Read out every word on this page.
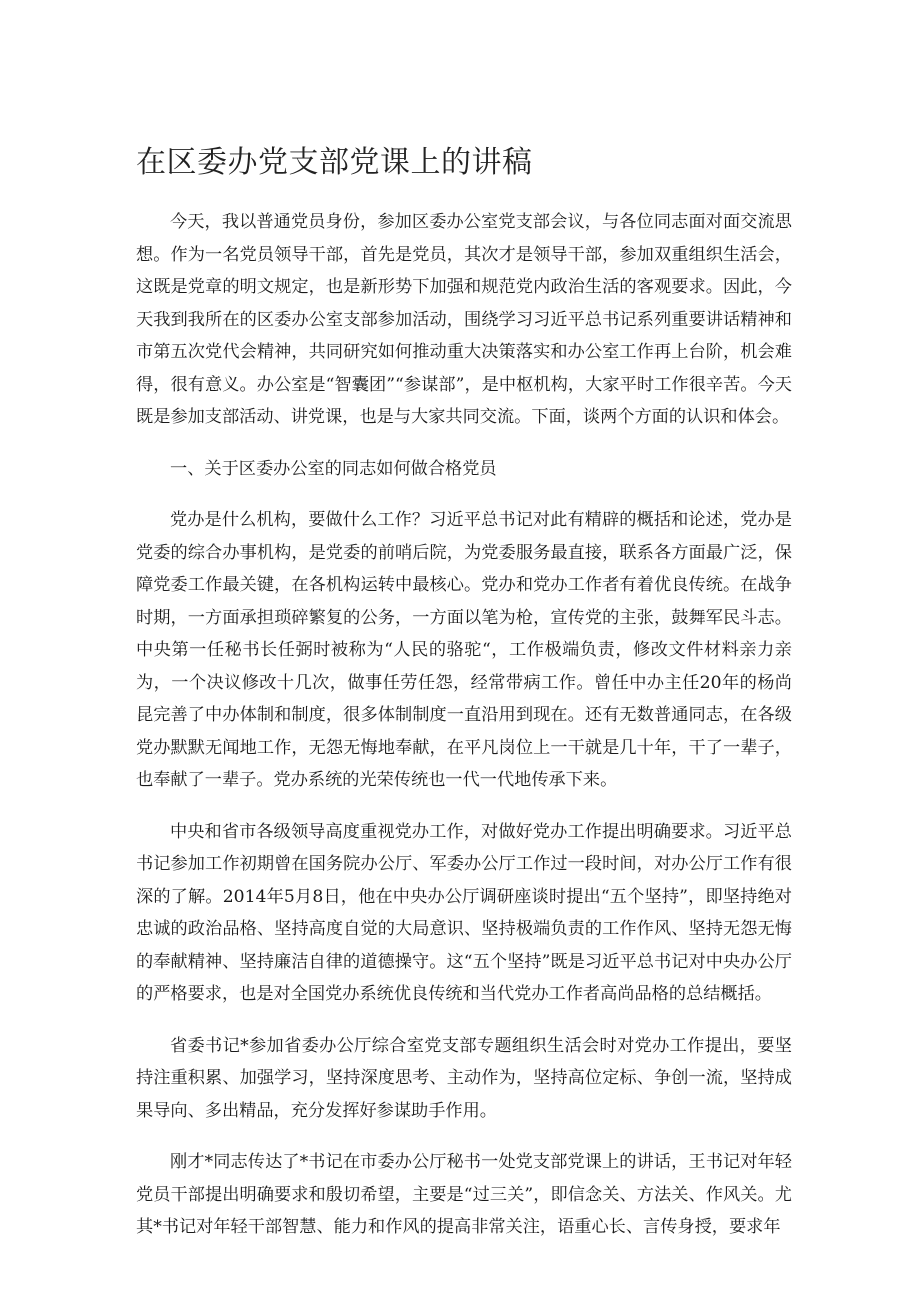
在区委办党支部党课上的讲稿

今天，我以普通党员身份，参加区委办公室党支部会议，与各位同志面对面交流思想。作为一名党员领导干部，首先是党员，其次才是领导干部，参加双重组织生活会，这既是党章的明文规定，也是新形势下加强和规范党内政治生活的客观要求。因此，今天我到我所在的区委办公室支部参加活动，围绕学习习近平总书记系列重要讲话精神和市第五次党代会精神，共同研究如何推动重大决策落实和办公室工作再上台阶，机会难得，很有意义。办公室是“智囊团”“参谋部”，是中枢机构，大家平时工作很辛苦。今天既是参加支部活动、讲党课，也是与大家共同交流。下面，谈两个方面的认识和体会。

一、关于区委办公室的同志如何做合格党员

党办是什么机构，要做什么工作？习近平总书记对此有精辟的概括和论述，党办是党委的综合办事机构，是党委的前哨后院，为党委服务最直接，联系各方面最广泛，保障党委工作最关键，在各机构运转中最核心。党办和党办工作者有着优良传统。在战争时期，一方面承担琐碎繁复的公务，一方面以笔为枪，宣传党的主张，鼓舞军民斗志。中央第一任秘书长任弼时被称为“人民的骆驼“，工作极端负责，修改文件材料亲力亲为，一个决议修改十几次，做事任劳任怨，经常带病工作。曾任中办主任20年的杨尚昆完善了中办体制和制度，很多体制制度一直沿用到现在。还有无数普通同志，在各级党办默默无闻地工作，无怨无悔地奉献，在平凡岗位上一干就是几十年，干了一辈子，也奉献了一辈子。党办系统的光荣传统也一代一代地传承下来。

中央和省市各级领导高度重视党办工作，对做好党办工作提出明确要求。习近平总书记参加工作初期曾在国务院办公厅、军委办公厅工作过一段时间，对办公厅工作有很深的了解。2014年5月8日，他在中央办公厅调研座谈时提出“五个坚持”，即坚持绝对忠诚的政治品格、坚持高度自觉的大局意识、坚持极端负责的工作作风、坚持无怨无悔的奉献精神、坚持廉洁自律的道德操守。这“五个坚持”既是习近平总书记对中央办公厅的严格要求，也是对全国党办系统优良传统和当代党办工作者高尚品格的总结概括。

省委书记*参加省委办公厅综合室党支部专题组织生活会时对党办工作提出，要坚持注重积累、加强学习，坚持深度思考、主动作为，坚持高位定标、争创一流，坚持成果导向、多出精品，充分发挥好参谋助手作用。

刚才*同志传达了*书记在市委办公厅秘书一处党支部党课上的讲话，王书记对年轻党员干部提出明确要求和殷切希望，主要是“过三关”，即信念关、方法关、作风关。尤其*书记对年轻干部智慧、能力和作风的提高非常关注，语重心长、言传身授，要求年
